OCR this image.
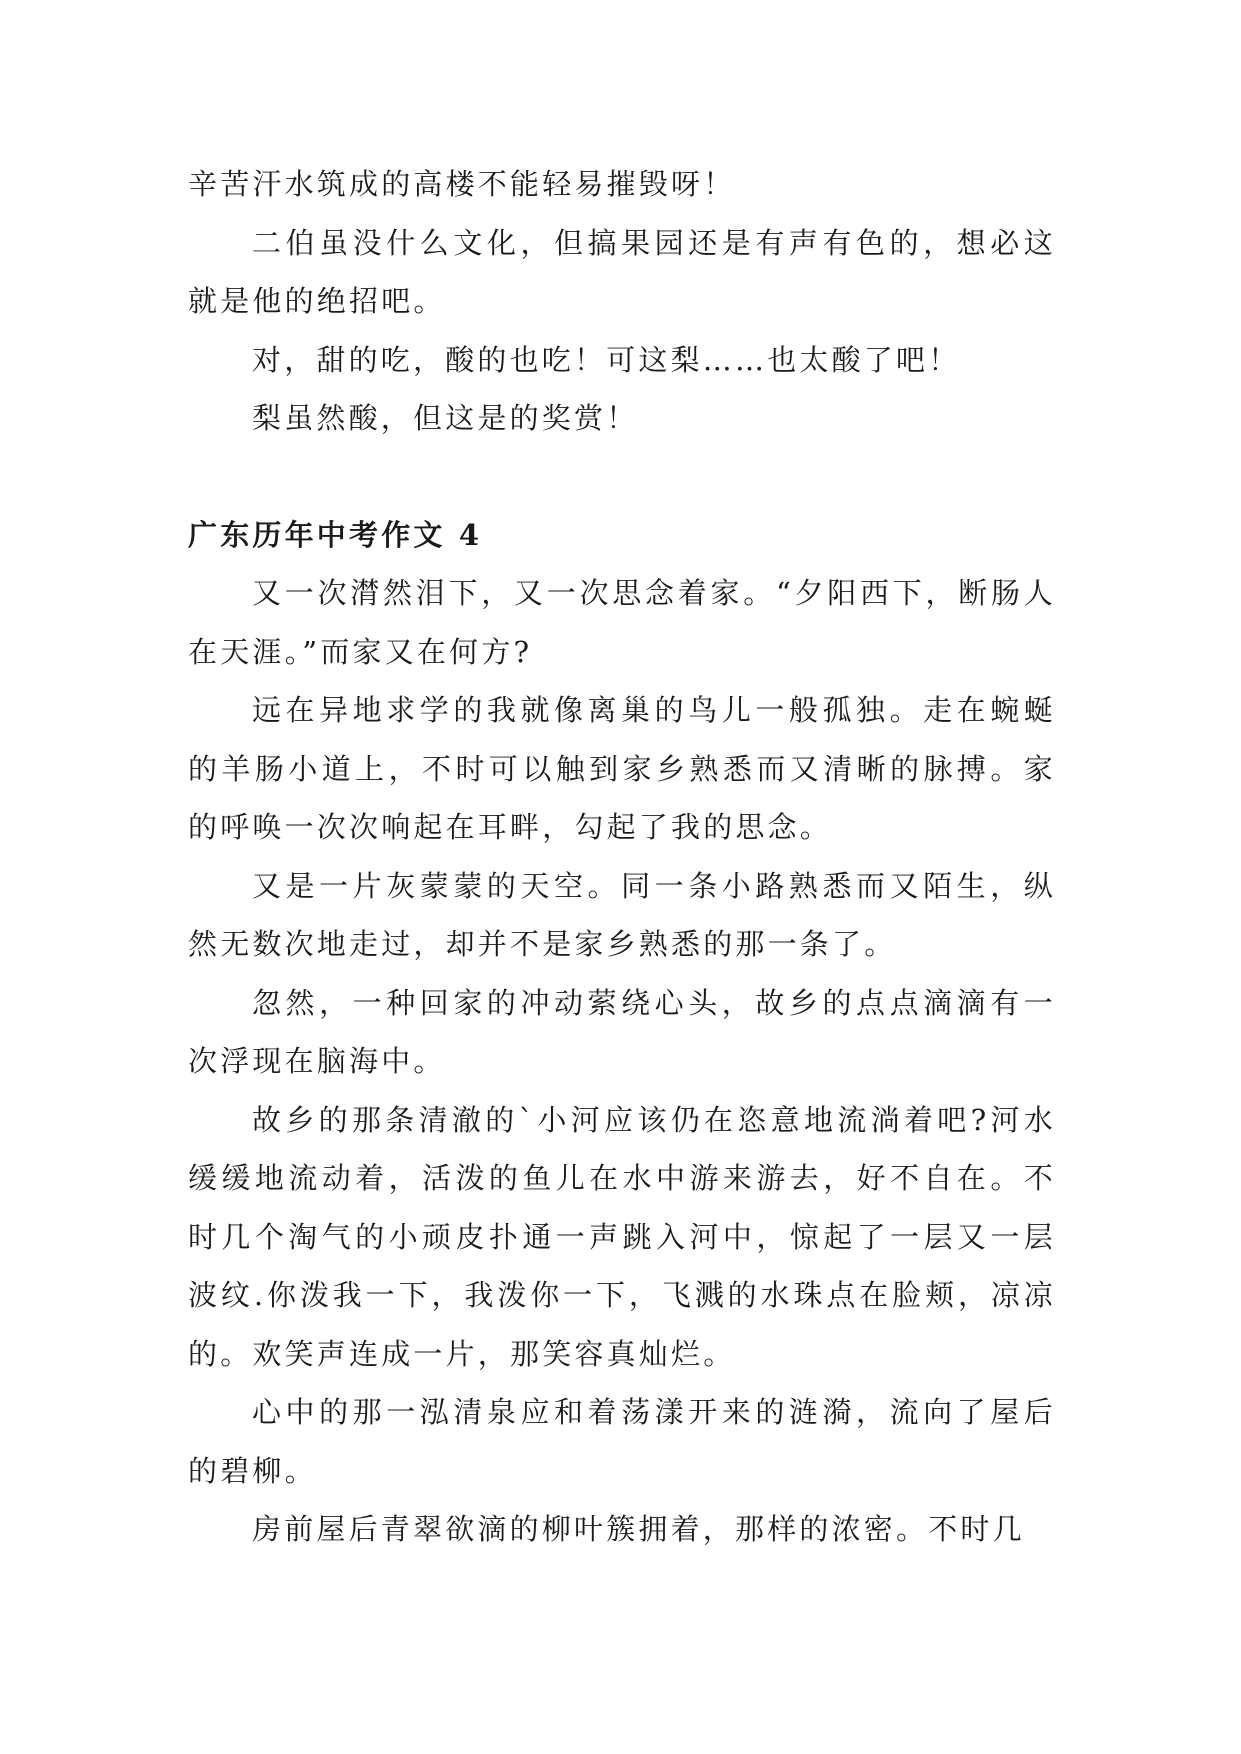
辛苦汗水筑成的高楼不能轻易摧毁呀！

二伯虽没什么文化，但搞果园还是有声有色的，想必这就是他的绝招吧。

对，甜的吃，酸的也吃！可这梨……也太酸了吧！

梨虽然酸，但这是的奖赏！

广东历年中考作文 4

又一次潸然泪下，又一次思念着家。“夕阳西下，断肠人在天涯。”而家又在何方?

远在异地求学的我就像离巢的鸟儿一般孤独。走在蜿蜒的羊肠小道上，不时可以触到家乡熟悉而又清晰的脉搏。家的呼唤一次次响起在耳畔，勾起了我的思念。

又是一片灰蒙蒙的天空。同一条小路熟悉而又陌生，纵然无数次地走过，却并不是家乡熟悉的那一条了。

忽然，一种回家的冲动萦绕心头，故乡的点点滴滴有一次浮现在脑海中。

故乡的那条清澈的`小河应该仍在恣意地流淌着吧?河水缓缓地流动着，活泼的鱼儿在水中游来游去，好不自在。不时几个淘气的小顽皮扑通一声跳入河中，惊起了一层又一层波纹.你泼我一下，我泼你一下，飞溅的水珠点在脸颊，凉凉的。欢笑声连成一片，那笑容真灿烂。

心中的那一泓清泉应和着荡漾开来的涟漪，流向了屋后的碧柳。

房前屋后青翠欲滴的柳叶簇拥着，那样的浓密。不时几
